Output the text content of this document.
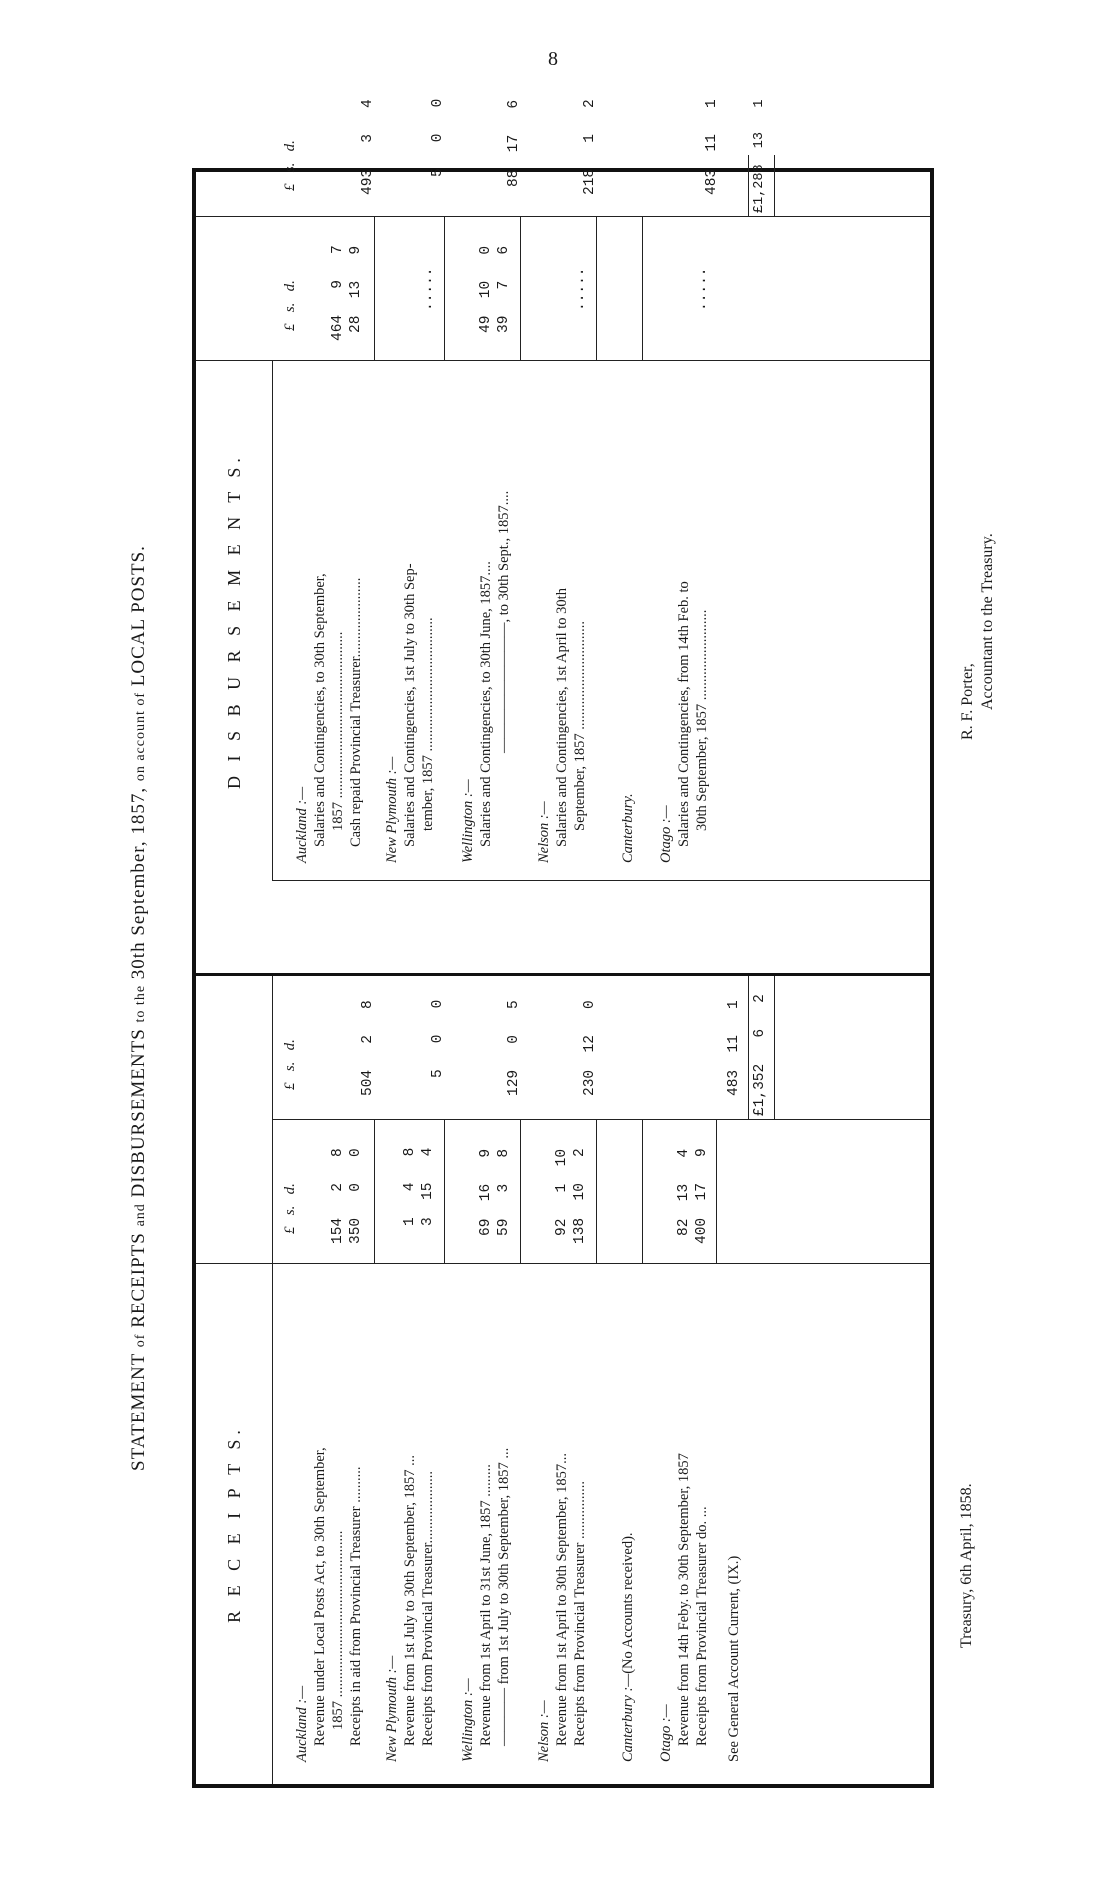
8
STATEMENT of RECEIPTS and DISBURSEMENTS to the 30th September, 1857, on account of LOCAL POSTS.
R E C E I P T S.
£   s.   d.
£   s.   d.
Auckland :— Revenue under Local Posts Act, to 30th September, 1857 ..............................................
154   2   8
Receipts in aid from Provincial Treasurer ..........
350   0   0
504   2   8
New Plymouth :— Revenue from 1st July to 30th September, 1857 ...
1   4   8
Receipts from Provincial Treasurer....................
3  15   4
5   0   0
Wellington :— Revenue from 1st April to 31st June, 1857 .........
69  16   9
———— from 1st July to 30th September, 1857 ...
59   3   8
129   0   5
Nelson :— Revenue from 1st April to 30th September, 1857...
92   1  10
Receipts from Provincial Treasurer ................
138  10   2
230  12   0
Canterbury :—(No Accounts received).
Otago :— Revenue from 14th Feby. to 30th September, 1857
82  13   4
Receipts from Provincial Treasurer do. ...
400  17   9
See General Account Current, (IX.)
483  11   1 £1,352   6   2
D I S B U R S E M E N T S.
£   s.   d.
£   s.   d.
Auckland :— Salaries and Contingencies, to 30th September, 1857 ..............................................
464   9   7
Cash repaid Provincial Treasurer......................
28  13   9
493   3   4
New Plymouth :— Salaries and Contingencies, 1st July to 30th Sep- tember, 1857 .....................................
.....
5   0   0
Wellington :— Salaries and Contingencies, to 30th June, 1857....
49  10   0
—————————, to 30th Sept., 1857....
39   7   6
88  17   6
Nelson :— Salaries and Contingencies, 1st April to 30th September, 1857 ..............................
.....
218   1   2
Canterbury. Otago :— Salaries and Contingencies, from 14th Feb. to 30th September, 1857 .........................
.....
483  11   1 £1,288  13   1
Treasury, 6th April, 1858.
R. F. Porter, Accountant to the Treasury.
